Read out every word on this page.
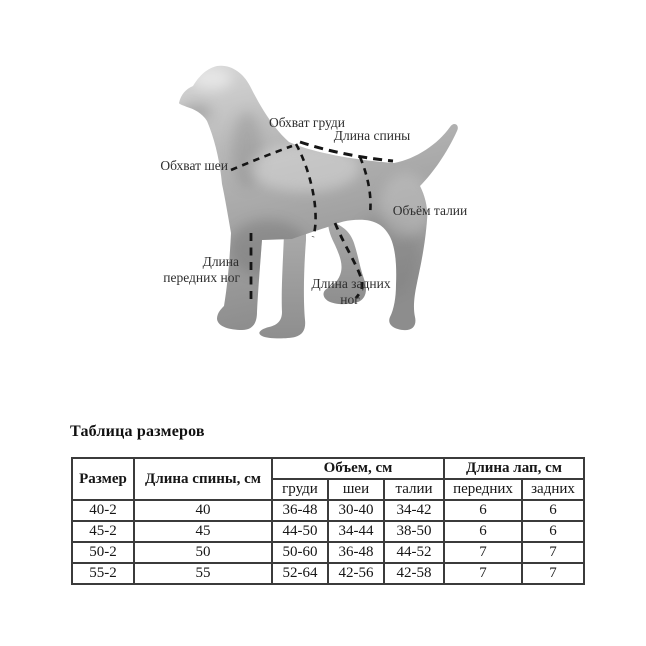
Обхват груди
Длина спины
Обхват шеи
Объём талии
Длина
передних ног	Длина задних
ног
Таблица размеров
Размер	Длина спины, см	Объем, см			Длина лап, см	
		груди	шеи	талии	передних	задних
40-2	40	36-48	30-40	34-42	6	6
45-2	45	44-50	34-44	38-50	6	6
50-2	50	50-60	36-48	44-52	7	7
55-2	55	52-64	42-56	42-58	7	7
